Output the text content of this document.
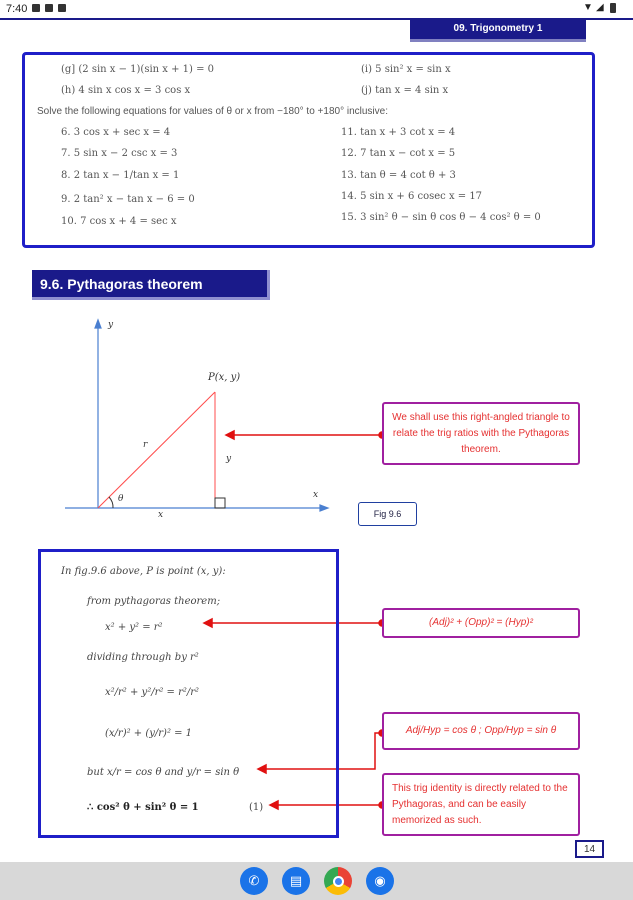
7:40	▼ ◢
09. Trigonometry 1
(g] (2 sin x − 1)(sin x + 1) = 0	(i) 5 sin² x = sin x
(h) 4 sin x cos x = 3 cos x	(j) tan x = 4 sin x
Solve the following equations for values of θ or x from −180° to +180° inclusive:
6. 3 cos x + sec x = 4
7. 5 sin x − 2 csc x = 3
8. 2 tan x − 1/tan x = 1
9. 2 tan² x − tan x − 6 = 0
10. 7 cos x + 4 = sec x
11. tan x + 3 cot x = 4
12. 7 tan x − cot x = 5
13. tan θ = 4 cot θ + 3
14. 5 sin x + 6 cosec x = 17
15. 3 sin² θ − sin θ cos θ − 4 cos² θ = 0
9.6. Pythagoras theorem
y
x
P(x, y)
r
y
x
θ
Fig 9.6
We shall use this right-angled triangle to relate the trig ratios with the Pythagoras theorem.
(Adj)² + (Opp)² = (Hyp)²
Adj/Hyp = cos θ ; Opp/Hyp = sin θ
This trig identity is directly related to the Pythagoras, and can be easily memorized as such.
In fig.9.6 above, P is point (x, y):
from pythagoras theorem;
x² + y² = r²
dividing through by r²
x²/r² + y²/r² = r²/r²
(x/r)² + (y/r)² = 1
but x/r = cos θ and y/r = sin θ
∴ cos² θ + sin² θ = 1	(1)
14
✆	▤	◉
